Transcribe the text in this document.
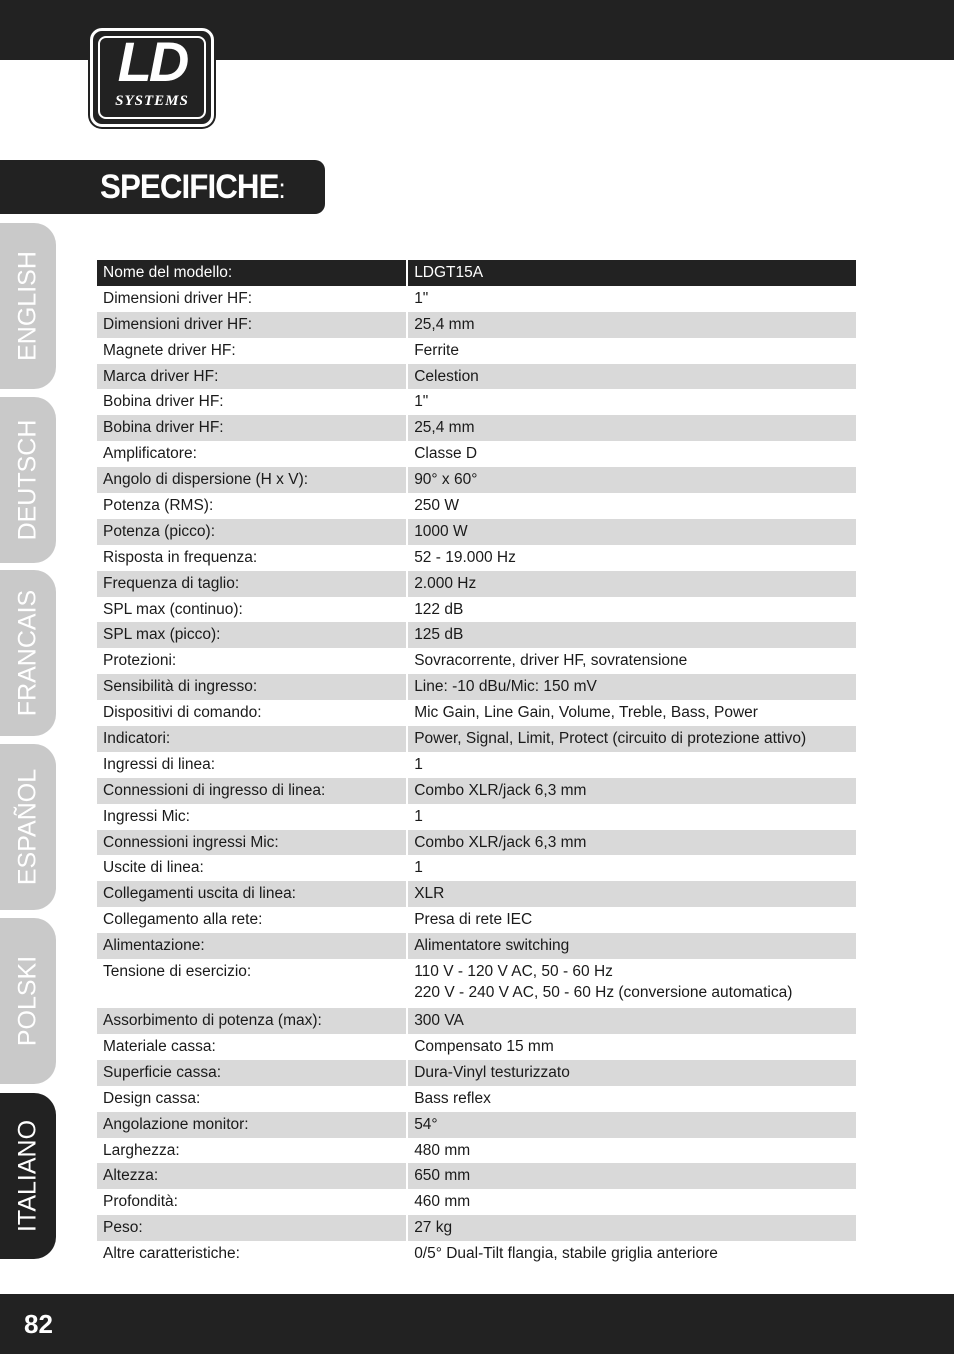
LD
SYSTEMS
SPECIFICHE:
ENGLISH
DEUTSCH
FRANCAIS
ESPAÑOL
POLSKI
ITALIANO
Nome del modello:	LDGT15A
Dimensioni driver HF:	1"
Dimensioni driver HF:	25,4 mm
Magnete driver HF:	Ferrite
Marca driver HF:	Celestion
Bobina driver HF:	1"
Bobina driver HF:	25,4 mm
Amplificatore:	Classe D
Angolo di dispersione (H x V):	90° x 60°
Potenza (RMS):	250 W
Potenza (picco):	1000 W
Risposta in frequenza:	52 - 19.000 Hz
Frequenza di taglio:	2.000 Hz
SPL max (continuo):	122 dB
SPL max (picco):	125 dB
Protezioni:	Sovracorrente, driver HF, sovratensione
Sensibilità di ingresso:	Line: -10 dBu/Mic: 150 mV
Dispositivi di comando:	Mic Gain, Line Gain, Volume, Treble, Bass, Power
Indicatori:	Power, Signal, Limit, Protect (circuito di protezione attivo)
Ingressi di linea:	1
Connessioni di ingresso di linea:	Combo XLR/jack 6,3 mm
Ingressi Mic:	1
Connessioni ingressi Mic:	Combo XLR/jack 6,3 mm
Uscite di linea:	1
Collegamenti uscita di linea:	XLR
Collegamento alla rete:	Presa di rete IEC
Alimentazione:	Alimentatore switching
Tensione di esercizio:	110 V - 120 V AC, 50 - 60 Hz
220 V - 240 V AC, 50 - 60 Hz (conversione automatica)
Assorbimento di potenza (max):	300 VA
Materiale cassa:	Compensato 15 mm
Superficie cassa:	Dura-Vinyl testurizzato
Design cassa:	Bass reflex
Angolazione monitor:	54°
Larghezza:	480 mm
Altezza:	650 mm
Profondità:	460 mm
Peso:	27 kg
Altre caratteristiche:	0/5° Dual-Tilt flangia, stabile griglia anteriore
82
